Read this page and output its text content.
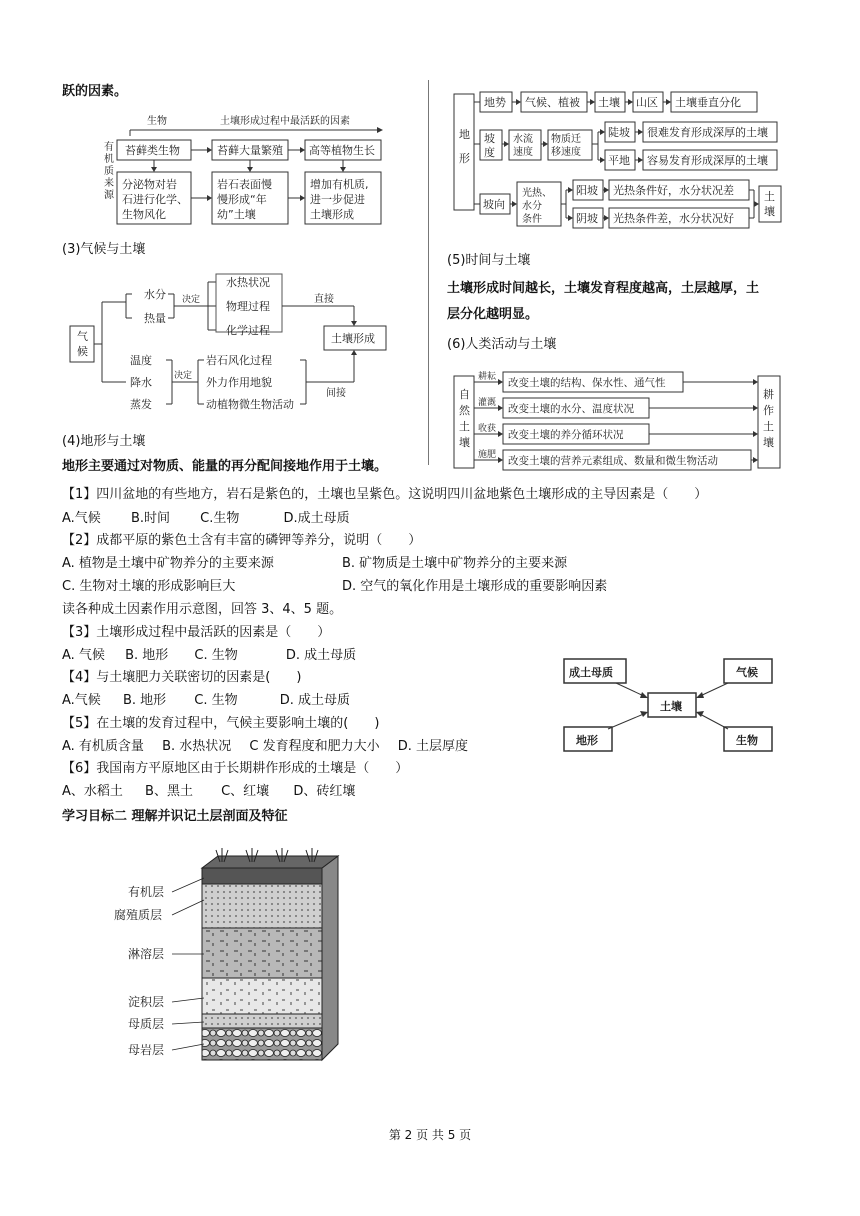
跃的因素。
生物	土壤形成过程中最活跃的因素
有
机
质
来
源
苔藓类生物	苔藓大量繁殖 高等植物生长
分泌物对岩
石进行化学、
生物风化
岩石表面慢
慢形成“年
幼”土壤
增加有机质,
进一步促进
土壤形成
(3)气候与土壤
气
候
水分
热量
决定
水热状况
物理过程
化学过程
直接
土壤形成
温度
降水
蒸发
决定
岩石风化过程
外力作用地貌
动植物微生物活动
间接
(4)地形与土壤
地形主要通过对物质、能量的再分配间接地作用于土壤。
地
形
地势 气候、植被 土壤 山区 土壤垂直分化
坡
度
水流
速度
物质迁
移速度
陡坡 很难发育形成深厚的土壤
平地 容易发育形成深厚的土壤
坡向
光热、
水分
条件
阳坡 光热条件好，水分状况差
阴坡 光热条件差，水分状况好
土
壤
(5)时间与土壤
土壤形成时间越长，土壤发育程度越高，土层越厚，土
层分化越明显。
(6)人类活动与土壤
自
然
土
壤
耕耘 改变土壤的结构、保水性、通气性
灌溉 改变土壤的水分、温度状况
收获 改变土壤的养分循环状况
施肥 改变土壤的营养元素组成、数量和微生物活动
耕
作
土
壤
【1】四川盆地的有些地方，岩石是紫色的，土壤也呈紫色。这说明四川盆地紫色土壤形成的主导因素是（　　）
A.气候 B.时间 C.生物	D.成土母质
【2】成都平原的紫色土含有丰富的磷钾等养分，说明（　　）
A. 植物是土壤中矿物养分的主要来源	B. 矿物质是土壤中矿物养分的主要来源
C. 生物对土壤的形成影响巨大	D. 空气的氧化作用是土壤形成的重要影响因素
读各种成土因素作用示意图，回答 3、4、5 题。
【3】土壤形成过程中最活跃的因素是（　　）
A. 气候 B. 地形 C. 生物	D. 成土母质
【4】与土壤肥力关联密切的因素是(　　)
A.气候 B. 地形 C. 生物	D. 成土母质
【5】在土壤的发育过程中，气候主要影响土壤的(　　)
A. 有机质含量 B. 水热状况 C 发育程度和肥力大小 D. 土层厚度
【6】我国南方平原地区由于长期耕作形成的土壤是（　　）
A、水稻土 B、黑土 C、红壤 D、砖红壤
成土母质	气候
土壤
地形	生物
学习目标二 理解并识记土层剖面及特征
有机层
腐殖质层
淋溶层
淀积层
母质层
母岩层
第 2 页 共 5 页
